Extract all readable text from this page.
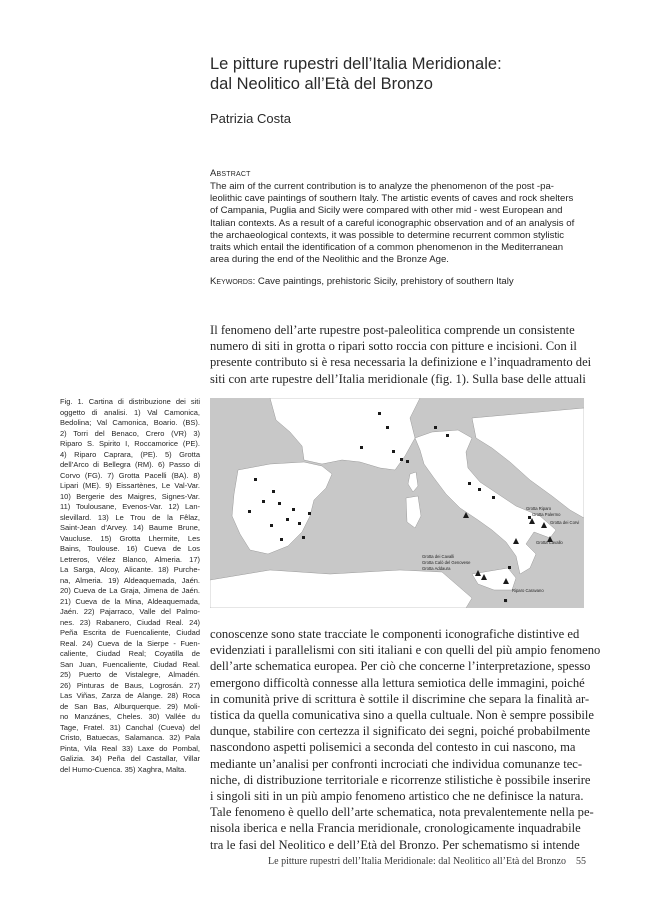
Le pitture rupestri dell’Italia Meridionale:
dal Neolitico all’Età del Bronzo
Patrizia Costa
Abstract
The aim of the current contribution is to analyze the phenomenon of the post -pa-
leolithic cave paintings of southern Italy. The artistic events of caves and rock shelters
of Campania, Puglia and Sicily were compared with other mid - west European and
Italian contexts. As a result of a careful iconographic observation and of an analysis of
the archaeological contexts, it was possible to determine recurrent common stylistic
traits which entail the identification of a common phenomenon in the Mediterranean
area during the end of the Neolithic and the Bronze Age.
Keywords: Cave paintings, prehistoric Sicily, prehistory of southern Italy
Il fenomeno dell’arte rupestre post-paleolitica comprende un consistente
numero di siti in grotta o ripari sotto roccia con pitture e incisioni. Con il
presente contributo si è resa necessaria la definizione e l’inquadramento dei
siti con arte rupestre dell’Italia meridionale (fig. 1). Sulla base delle attuali
Fig. 1. Cartina di distribuzione dei siti
oggetto di analisi. 1) Val Camonica,
Bedolina; Val Camonica, Boario. (BS).
2) Torri del Benaco, Crero (VR) 3)
Riparo S. Spirito I, Roccamorice (PE).
4) Riparo Caprara, (PE). 5) Grotta
dell’Arco di Bellegra (RM). 6) Passo di
Corvo (FG). 7) Grotta Pacelli (BA). 8)
Lipari (ME). 9) Eissartènes, Le Val-Var.
10) Bergerie des Maigres, Signes-Var.
11) Toulousane, Evenos-Var. 12) Lan-
slevillard. 13) Le Trou de la Fêlaz,
Saint-Jean d’Arvey. 14) Baume Brune,
Vaucluse. 15) Grotta Lhermite, Les
Bains, Toulouse. 16) Cueva de Los
Letreros, Vélez Blanco, Almeria. 17)
La Sarga, Alcoy, Alicante. 18) Purche-
na, Almeria. 19) Aldeaquemada, Jaén.
20) Cueva de La Graja, Jimena de Jaén.
21) Cueva de la Mina, Aldeaquemada,
Jaén. 22) Pajarraco, Valle del Palmo-
nes. 23) Rabanero, Ciudad Real. 24)
Peña Escrita de Fuencaliente, Ciudad
Real. 24) Cueva de la Sierpe - Fuen-
caliente, Ciudad Real; Coyatilla de
San Juan, Fuencaliente, Ciudad Real.
25) Puerto de Vistalegre, Almadén.
26) Pinturas de Baus, Logrosán. 27)
Las Viñas, Zarza de Alange. 28) Roca
de San Bas, Alburquerque. 29) Moli-
no Manzánes, Cheles. 30) Vallée du
Tage, Fratel. 31) Canchal (Cueva) del
Cristo, Batuecas, Salamanca. 32) Pala
Pinta, Vila Real 33) Laxe do Pombal,
Galizia. 34) Peña del Castallar, Villar
del Humo-Cuenca. 35) Xaghra, Malta.
Grotta Riparo
Grotta Palermo
Grotta dei Corvi
Grotta Cavallo
Grotta dei Cavalli
Grotta Calò del Genovese
Grotta Addaura
Riparo Caravano
conoscenze sono state tracciate le componenti iconografiche distintive ed
evidenziati i parallelismi con siti italiani e con quelli del più ampio fenomeno
dell’arte schematica europea. Per ciò che concerne l’interpretazione, spesso
emergono difficoltà connesse alla lettura semiotica delle immagini, poiché
in comunità prive di scrittura è sottile il discrimine che separa la finalità ar-
tistica da quella comunicativa sino a quella cultuale. Non è sempre possibile
dunque, stabilire con certezza il significato dei segni, poiché probabilmente
nascondono aspetti polisemici a seconda del contesto in cui nascono, ma
mediante un’analisi per confronti incrociati che individua comunanze tec-
niche, di distribuzione territoriale e ricorrenze stilistiche è possibile inserire
i singoli siti in un più ampio fenomeno artistico che ne definisce la natura.
Tale fenomeno è quello dell’arte schematica, nota prevalentemente nella pe-
nisola iberica e nella Francia meridionale, cronologicamente inquadrabile
tra le fasi del Neolitico e dell’Età del Bronzo. Per schematismo si intende
Le pitture rupestri dell’Italia Meridionale: dal Neolitico all’Età del Bronzo 55
